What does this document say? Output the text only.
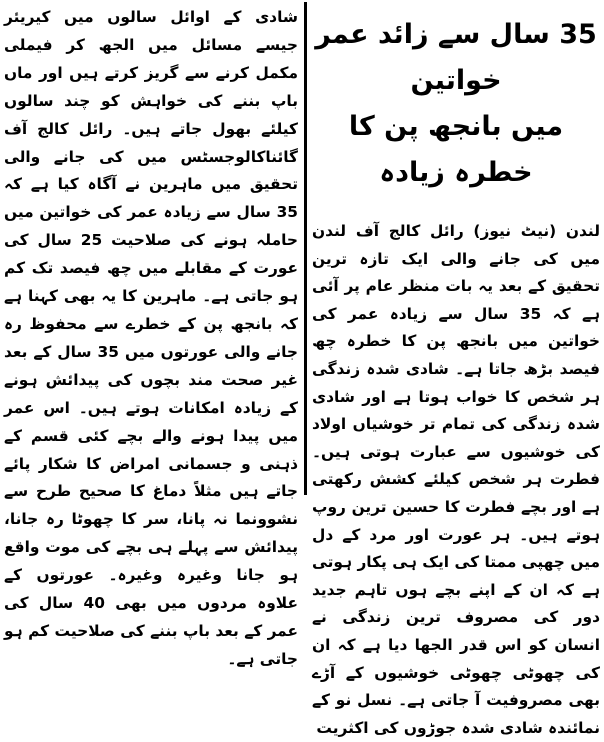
شادی کے اوائل سالوں میں کیریئر جیسے مسائل میں الجھ کر فیملی مکمل کرنے سے گریز کرتے ہیں اور ماں باپ بننے کی خواہش کو چند سالوں کیلئے بھول جاتے ہیں۔ رائل کالج آف گائناکالوجسٹس میں کی جانے والی تحقیق میں ماہرین نے آگاہ کیا ہے کہ 35 سال سے زیادہ عمر کی خواتین میں حاملہ ہونے کی صلاحیت 25 سال کی عورت کے مقابلے میں چھ فیصد تک کم ہو جاتی ہے۔ ماہرین کا یہ بھی کہنا ہے کہ بانجھ پن کے خطرے سے محفوظ رہ جانے والی عورتوں میں 35 سال کے بعد غیر صحت مند بچوں کی پیدائش ہونے کے زیادہ امکانات ہوتے ہیں۔ اس عمر میں پیدا ہونے والے بچے کئی قسم کے ذہنی و جسمانی امراض کا شکار پائے جاتے ہیں مثلاً دماغ کا صحیح طرح سے نشوونما نہ پانا، سر کا چھوٹا رہ جانا، پیدائش سے پہلے ہی بچے کی موت واقع ہو جانا وغیرہ وغیرہ۔ عورتوں کے علاوہ مردوں میں بھی 40 سال کی عمر کے بعد باپ بننے کی صلاحیت کم ہو جاتی ہے۔

35 سال سے زائد عمر خواتین
میں بانجھ پن کا خطرہ زیادہ

لندن (نیٹ نیوز) رائل کالج آف لندن میں کی جانے والی ایک تازہ ترین تحقیق کے بعد یہ بات منظر عام پر آئی ہے کہ 35 سال سے زیادہ عمر کی خواتین میں بانجھ پن کا خطرہ چھ فیصد بڑھ جاتا ہے۔ شادی شدہ زندگی ہر شخص کا خواب ہوتا ہے اور شادی شدہ زندگی کی تمام تر خوشیاں اولاد کی خوشیوں سے عبارت ہوتی ہیں۔ فطرت ہر شخص کیلئے کشش رکھتی ہے اور بچے فطرت کا حسین ترین روپ ہوتے ہیں۔ ہر عورت اور مرد کے دل میں چھپی ممتا کی ایک ہی پکار ہوتی ہے کہ ان کے اپنے بچے ہوں تاہم جدید دور کی مصروف ترین زندگی نے انسان کو اس قدر الجھا دیا ہے کہ ان کی چھوٹی چھوٹی خوشیوں کے آڑے بھی مصروفیت آ جاتی ہے۔ نسل نو کے نمائندہ شادی شدہ جوڑوں کی اکثریت
